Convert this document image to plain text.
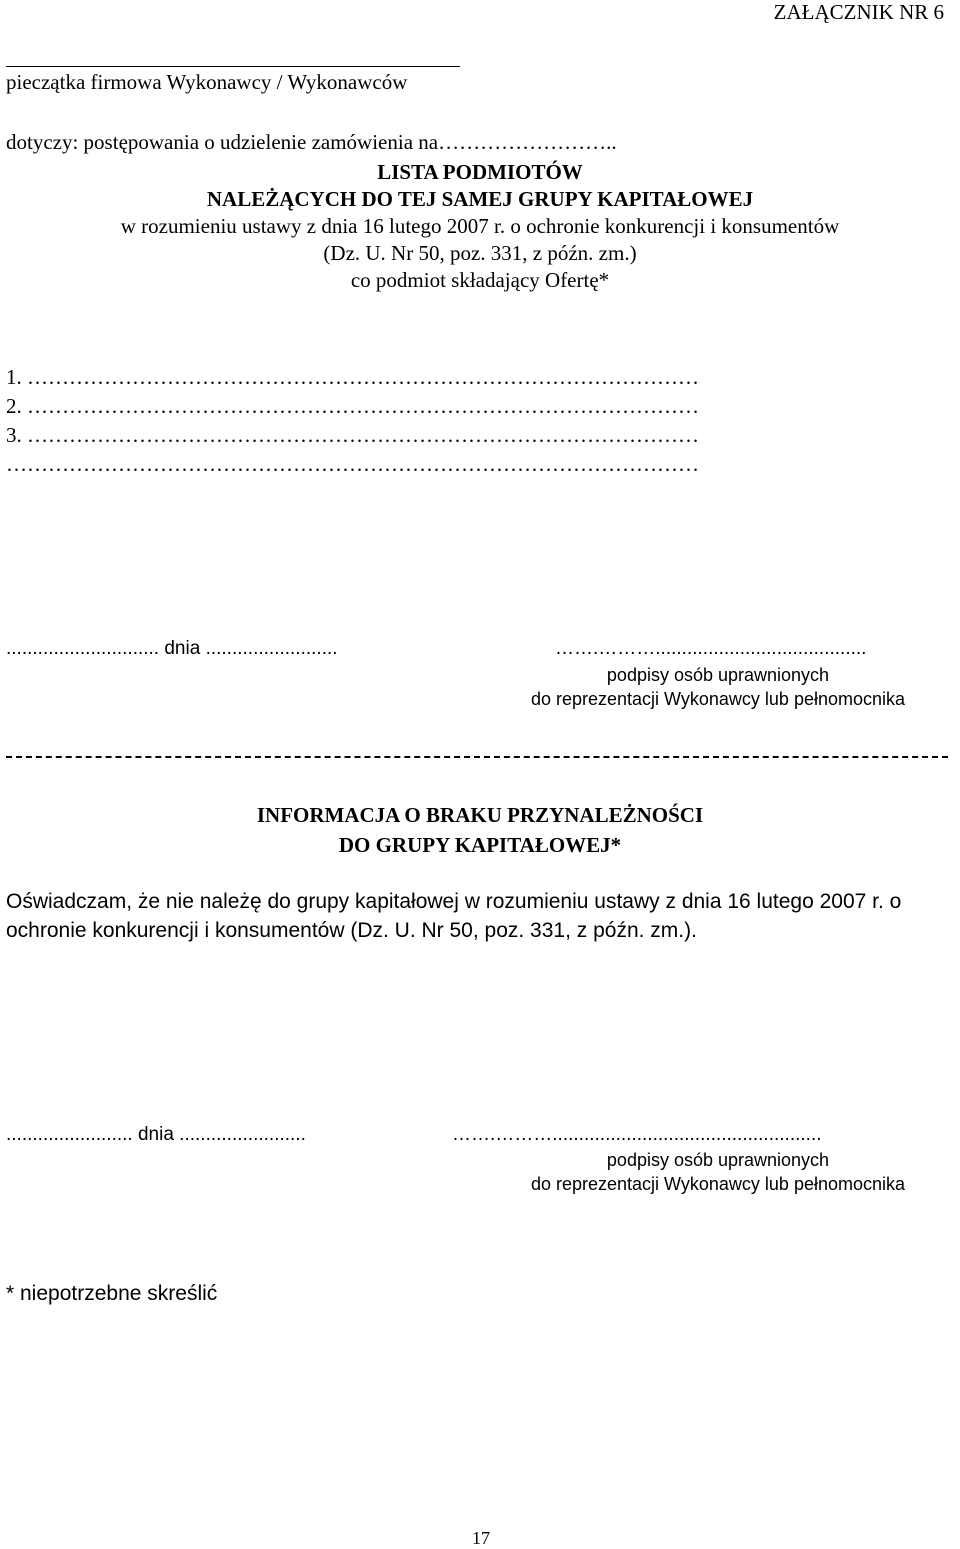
ZAŁĄCZNIK NR 6
pieczątka firmowa Wykonawcy / Wykonawców
dotyczy: postępowania o udzielenie zamówienia na……………………..
LISTA PODMIOTÓW
NALEŻĄCYCH DO TEJ SAMEJ GRUPY KAPITAŁOWEJ
w rozumieniu ustawy z dnia 16 lutego 2007 r. o ochronie konkurencji i konsumentów
(Dz. U. Nr 50, poz. 331, z późn. zm.)
co podmiot składający Ofertę*
1. ……………………………………………………………………………………
2. ……………………………………………………………………………………
3. ……………………………………………………………………………………
………………………………………………………………………………………
............................. dnia .........................	…….………........................................
podpisy osób uprawnionych
do reprezentacji Wykonawcy lub pełnomocnika
INFORMACJA O BRAKU PRZYNALEŻNOŚCI
DO GRUPY KAPITAŁOWEJ*
Oświadczam, że nie należę do grupy kapitałowej w rozumieniu ustawy z dnia 16 lutego 2007 r. o ochronie konkurencji i konsumentów (Dz. U. Nr 50, poz. 331, z późn. zm.).
........................ dnia ........................	…….………...................................................
podpisy osób uprawnionych
do reprezentacji Wykonawcy lub pełnomocnika
* niepotrzebne skreślić
17
